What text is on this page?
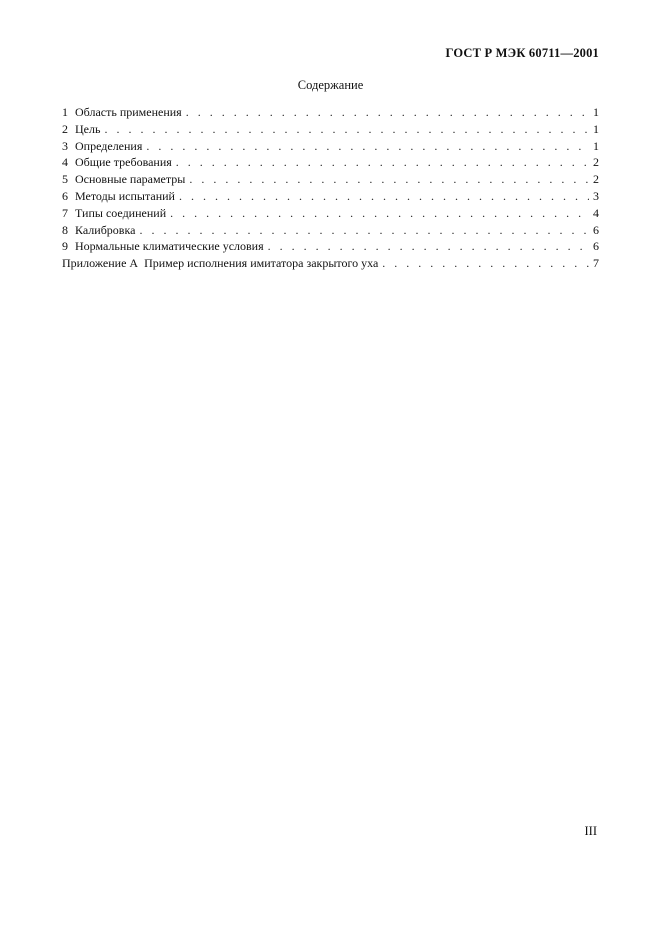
ГОСТ Р МЭК 60711—2001
Содержание
1 Область применения . . .	1
2 Цель . . .	1
3 Определения . . .	1
4 Общие требования . . .	2
5 Основные параметры . . .	2
6 Методы испытаний . . .	3
7 Типы соединений . . .	4
8 Калибровка . . .	6
9 Нормальные климатические условия . . .	6
Приложение А  Пример исполнения имитатора закрытого уха . . .	7
III
